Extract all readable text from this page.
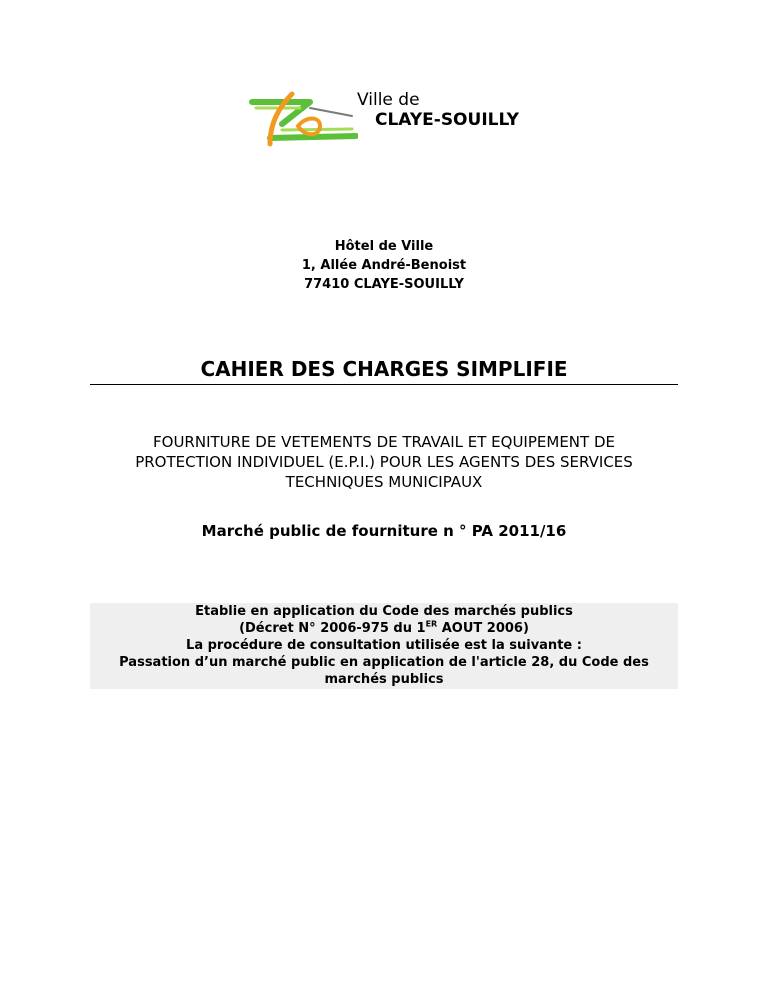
Ville de
CLAYE-SOUILLY
Hôtel de Ville
1, Allée André-Benoist
77410 CLAYE-SOUILLY
CAHIER DES CHARGES SIMPLIFIE
FOURNITURE DE VETEMENTS DE TRAVAIL ET EQUIPEMENT DE
PROTECTION INDIVIDUEL (E.P.I.) POUR LES AGENTS DES SERVICES
TECHNIQUES MUNICIPAUX
Marché public de fourniture n ° PA 2011/16
Etablie en application du Code des marchés publics
(Décret N° 2006-975 du 1ER AOUT 2006)
La procédure de consultation utilisée est la suivante :
Passation d’un marché public en application de l'article 28, du Code des
marchés publics
